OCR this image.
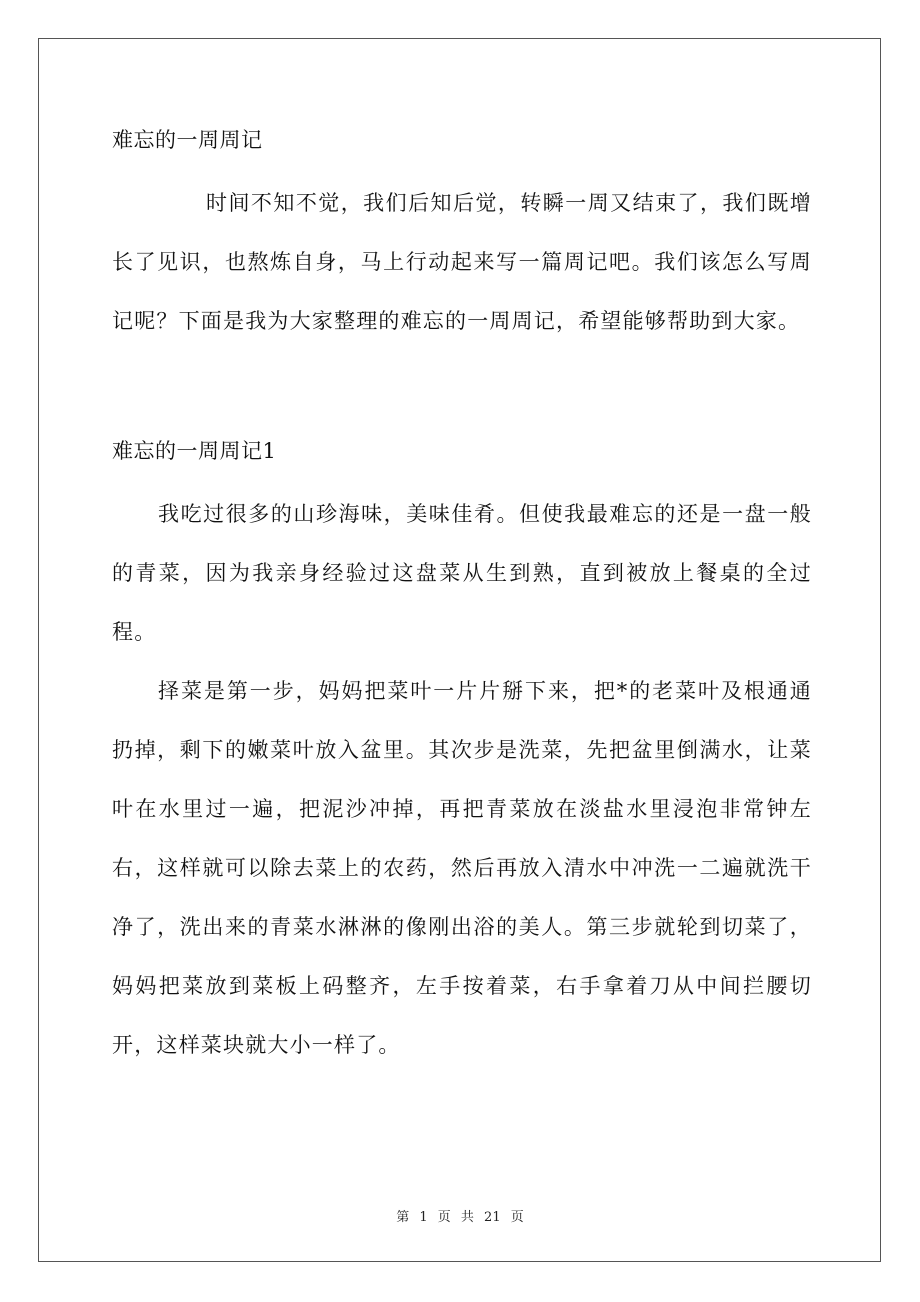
难忘的一周周记

时间不知不觉，我们后知后觉，转瞬一周又结束了，我们既增长了见识，也熬炼自身，马上行动起来写一篇周记吧。我们该怎么写周记呢？下面是我为大家整理的难忘的一周周记，希望能够帮助到大家。

难忘的一周周记1

我吃过很多的山珍海味，美味佳肴。但使我最难忘的还是一盘一般的青菜，因为我亲身经验过这盘菜从生到熟，直到被放上餐桌的全过程。

择菜是第一步，妈妈把菜叶一片片掰下来，把*的老菜叶及根通通扔掉，剩下的嫩菜叶放入盆里。其次步是洗菜，先把盆里倒满水，让菜叶在水里过一遍，把泥沙冲掉，再把青菜放在淡盐水里浸泡非常钟左右，这样就可以除去菜上的农药，然后再放入清水中冲洗一二遍就洗干净了，洗出来的青菜水淋淋的像刚出浴的美人。第三步就轮到切菜了，妈妈把菜放到菜板上码整齐，左手按着菜，右手拿着刀从中间拦腰切开，这样菜块就大小一样了。

第 1 页 共 21 页
